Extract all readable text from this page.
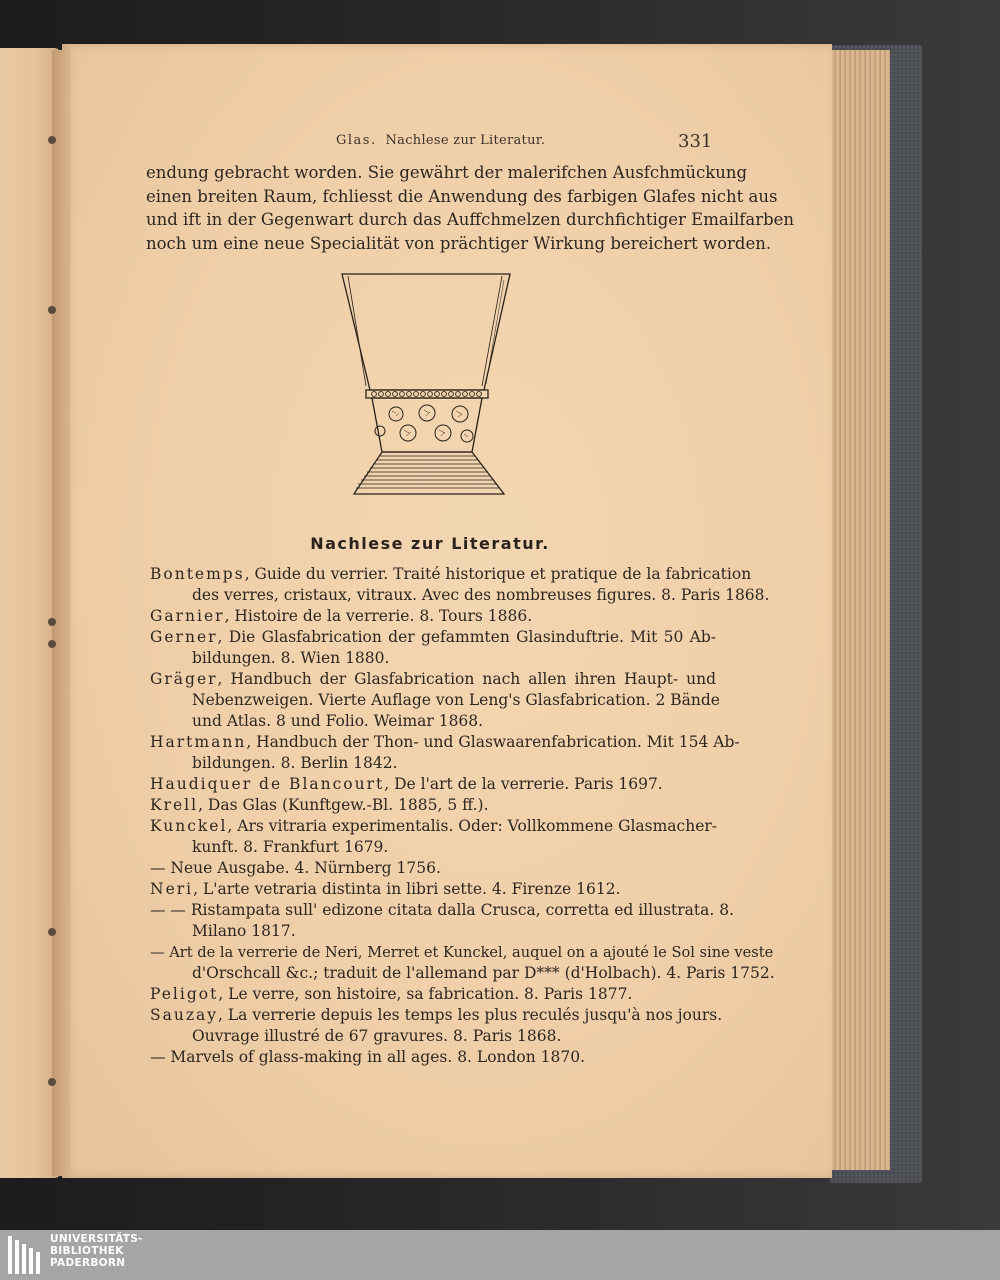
Glas. Nachlese zur Literatur.	331
endung gebracht worden. Sie gewährt der malerifchen Ausfchmückung
einen breiten Raum, fchliesst die Anwendung des farbigen Glafes nicht aus
und ift in der Gegenwart durch das Auffchmelzen durchfichtiger Emailfarben
noch um eine neue Specialität von prächtiger Wirkung bereichert worden.
Nachlese zur Literatur.
Bontemps, Guide du verrier. Traité historique et pratique de la fabrication
des verres, cristaux, vitraux. Avec des nombreuses figures. 8. Paris 1868.
Garnier, Histoire de la verrerie. 8. Tours 1886.
Gerner, Die Glasfabrication der gefammten Glasinduftrie. Mit 50 Ab-
bildungen. 8. Wien 1880.
Gräger, Handbuch der Glasfabrication nach allen ihren Haupt- und
Nebenzweigen. Vierte Auflage von Leng's Glasfabrication. 2 Bände
und Atlas. 8 und Folio. Weimar 1868.
Hartmann, Handbuch der Thon- und Glaswaarenfabrication. Mit 154 Ab-
bildungen. 8. Berlin 1842.
Haudiquer de Blancourt, De l'art de la verrerie. Paris 1697.
Krell, Das Glas (Kunftgew.-Bl. 1885, 5 ff.).
Kunckel, Ars vitraria experimentalis. Oder: Vollkommene Glasmacher-
kunft. 8. Frankfurt 1679.
— Neue Ausgabe. 4. Nürnberg 1756.
Neri, L'arte vetraria distinta in libri sette. 4. Firenze 1612.
— — Ristampata sull' edizone citata dalla Crusca, corretta ed illustrata. 8.
Milano 1817.
— Art de la verrerie de Neri, Merret et Kunckel, auquel on a ajouté le Sol sine veste
d'Orschcall &c.; traduit de l'allemand par D*** (d'Holbach). 4. Paris 1752.
Peligot, Le verre, son histoire, sa fabrication. 8. Paris 1877.
Sauzay, La verrerie depuis les temps les plus reculés jusqu'à nos jours.
Ouvrage illustré de 67 gravures. 8. Paris 1868.
— Marvels of glass-making in all ages. 8. London 1870.
UNIVERSITÄTS-
BIBLIOTHEK
PADERBORN
